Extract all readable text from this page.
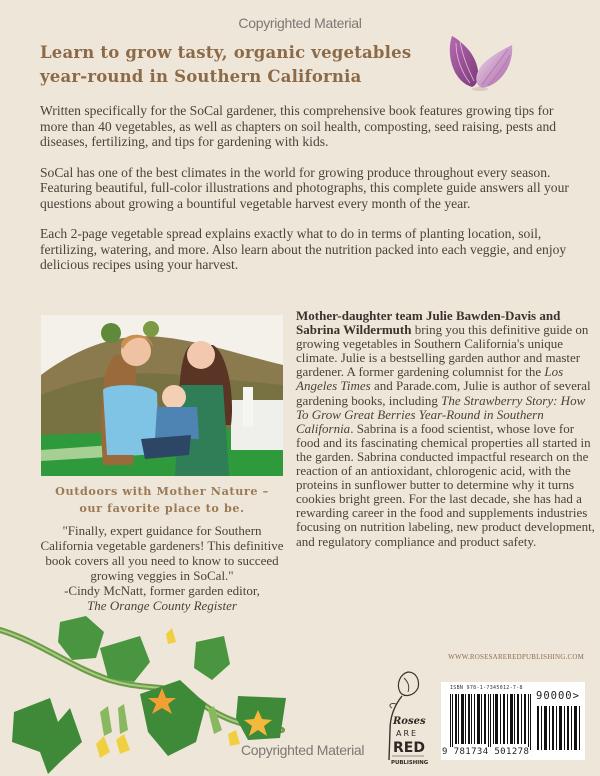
Copyrighted Material
Learn to grow tasty, organic vegetables
year-round in Southern California

Written specifically for the SoCal gardener, this comprehensive book features growing tips for more than 40 vegetables, as well as chapters on soil health, composting, seed raising, pests and diseases, fertilizing, and tips for gardening with kids.

SoCal has one of the best climates in the world for growing produce throughout every season. Featuring beautiful, full-color illustrations and photographs, this complete guide answers all your questions about growing a bountiful vegetable harvest every month of the year.

Each 2-page vegetable spread explains exactly what to do in terms of planting location, soil, fertilizing, watering, and more. Also learn about the nutrition packed into each veggie, and enjoy delicious recipes using your harvest.

Outdoors with Mother Nature –
our favorite place to be.
"Finally, expert guidance for Southern California vegetable gardeners! This definitive book covers all you need to know to succeed growing veggies in SoCal."
-Cindy McNatt, former garden editor,
The Orange County Register
Mother-daughter team Julie Bawden-Davis and Sabrina Wildermuth bring you this definitive guide on growing vegetables in Southern California's unique climate. Julie is a bestselling garden author and master gardener. A former gardening columnist for the Los Angeles Times and Parade.com, Julie is author of several gardening books, including The Strawberry Story: How To Grow Great Berries Year-Round in Southern California. Sabrina is a food scientist, whose love for food and its fascinating chemical properties all started in the garden. Sabrina conducted impactful research on the reaction of an antioxidant, chlorogenic acid, with the proteins in sunflower butter to determine why it turns cookies bright green. For the last decade, she has had a rewarding career in the food and supplements industries focusing on nutrition labeling, new product development, and regulatory compliance and product safety.
WWW.ROSESAREREDPUBLISHING.COM
Roses
ARE
RED
PUBLISHING
ISBN 978-1-7345012-7-8
90000>
9 781734 501278
Copyrighted Material
